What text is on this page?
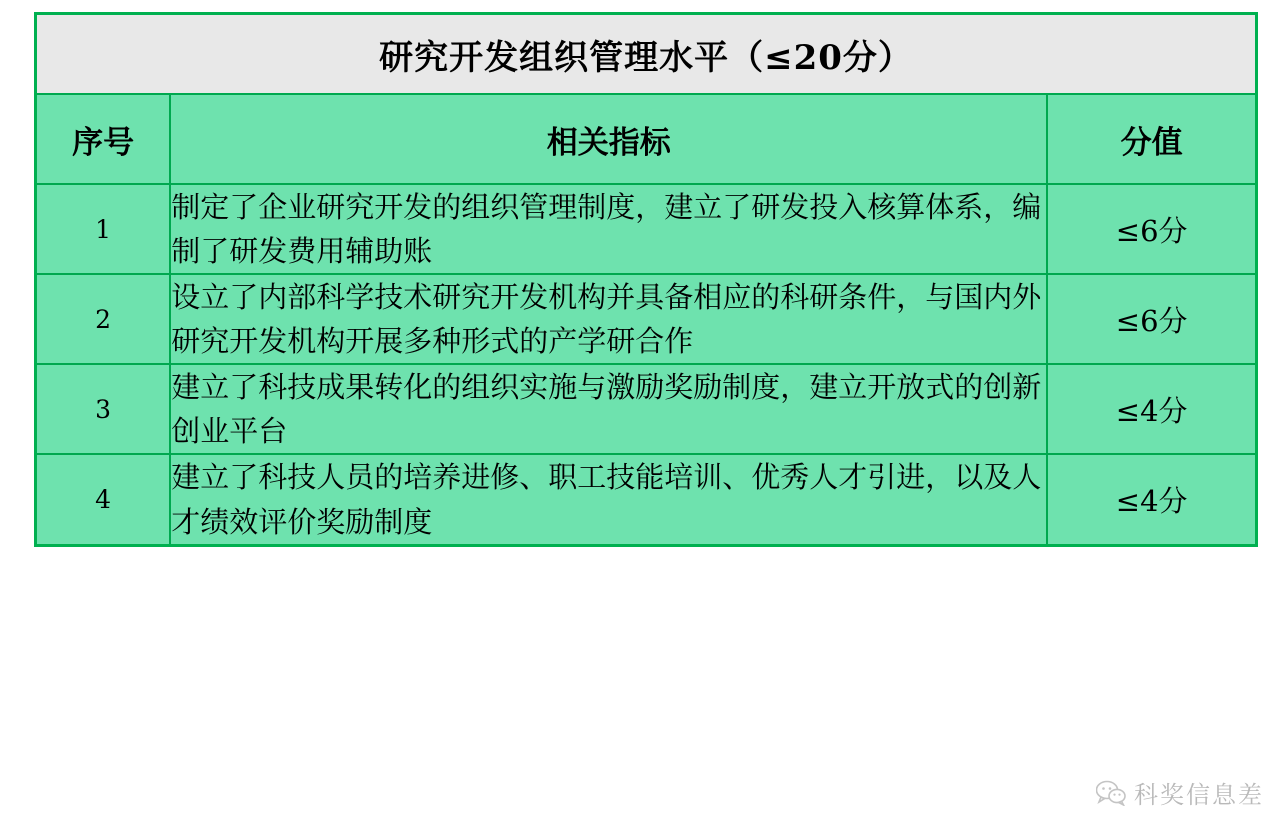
研究开发组织管理水平（≤20分）		
序号	相关指标	分值
1	制定了企业研究开发的组织管理制度，建立了研发投入核算体系，编制了研发费用辅助账	≤6分
2	设立了内部科学技术研究开发机构并具备相应的科研条件，与国内外研究开发机构开展多种形式的产学研合作	≤6分
3	建立了科技成果转化的组织实施与激励奖励制度，建立开放式的创新创业平台	≤4分
4	建立了科技人员的培养进修、职工技能培训、优秀人才引进，以及人才绩效评价奖励制度	≤4分
科奖信息差
